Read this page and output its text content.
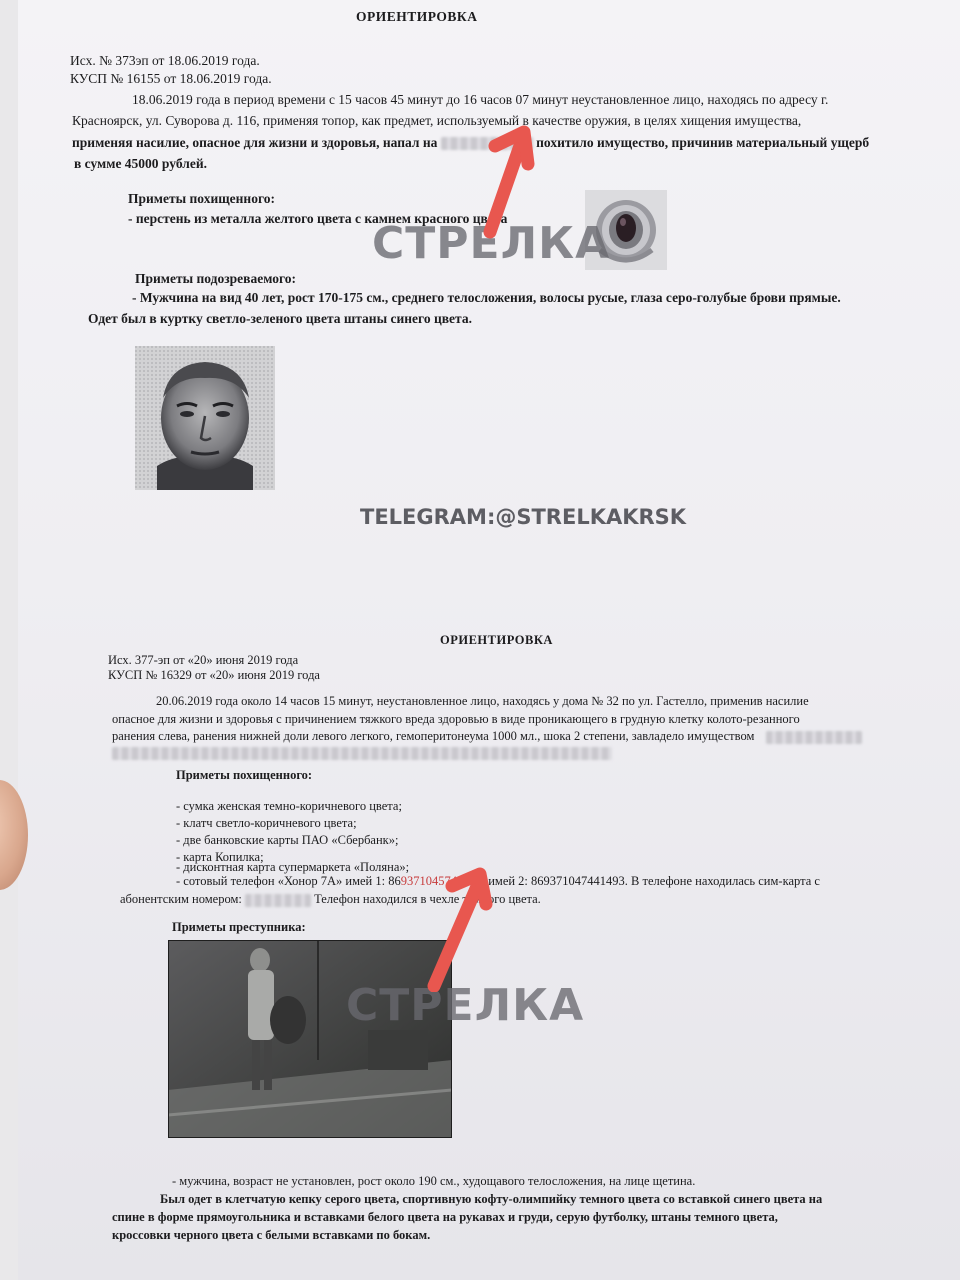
ОРИЕНТИРОВКА
Исх. № 373эп от 18.06.2019 года.
КУСП № 16155 от 18.06.2019 года.
18.06.2019 года в период времени с 15 часов 45 минут до 16 часов 07 минут неустановленное лицо, находясь по адресу г.
Красноярск, ул. Суворова д. 116, применяя топор, как предмет, используемый в качестве оружия, в целях хищения имущества,
применяя насилие, опасное для жизни и здоровья, напал на	похитило имущество, причинив материальный ущерб
в сумме 45000 рублей.
Приметы похищенного:
- перстень из металла желтого цвета с камнем красного цвета
Приметы подозреваемого:
- Мужчина на вид 40 лет, рост 170-175 см., среднего телосложения, волосы русые, глаза серо-голубые брови прямые.
Одет был в куртку светло-зеленого цвета штаны синего цвета.
СТРЕЛКА
TELEGRAM:@STRELKAKRSK
ОРИЕНТИРОВКА
Исх. 377-эп от «20» июня 2019 года
КУСП № 16329 от «20» июня 2019 года
20.06.2019 года около 14 часов 15 минут, неустановленное лицо, находясь у дома № 32 по ул. Гастелло, применив насилие
опасное для жизни и здоровья с причинением тяжкого вреда здоровью в виде проникающего в грудную клетку колото-резанного
ранения слева, ранения нижней доли левого легкого, гемоперитонеума 1000 мл., шока 2 степени, завладело имуществом
Приметы похищенного:
- сумка женская темно-коричневого цвета;
- клатч светло-коричневого цвета;
- две банковские карты ПАО «Сбербанк»;
- карта Копилка;
- дисконтная карта супермаркета «Поляна»;
- сотовый телефон «Хонор 7А» имей 1: 869371045741498, имей 2: 869371047441493. В телефоне находилась сим-карта с
абонентским номером:	Телефон находился в чехле темного цвета.
Приметы преступника:
СТРЕЛКА
- мужчина, возраст не установлен, рост около 190 см., худощавого телосложения, на лице щетина.
Был одет в клетчатую кепку серого цвета, спортивную кофту-олимпийку темного цвета со вставкой синего цвета на
спине в форме прямоугольника и вставками белого цвета на рукавах и груди, серую футболку, штаны темного цвета,
кроссовки черного цвета с белыми вставками по бокам.
